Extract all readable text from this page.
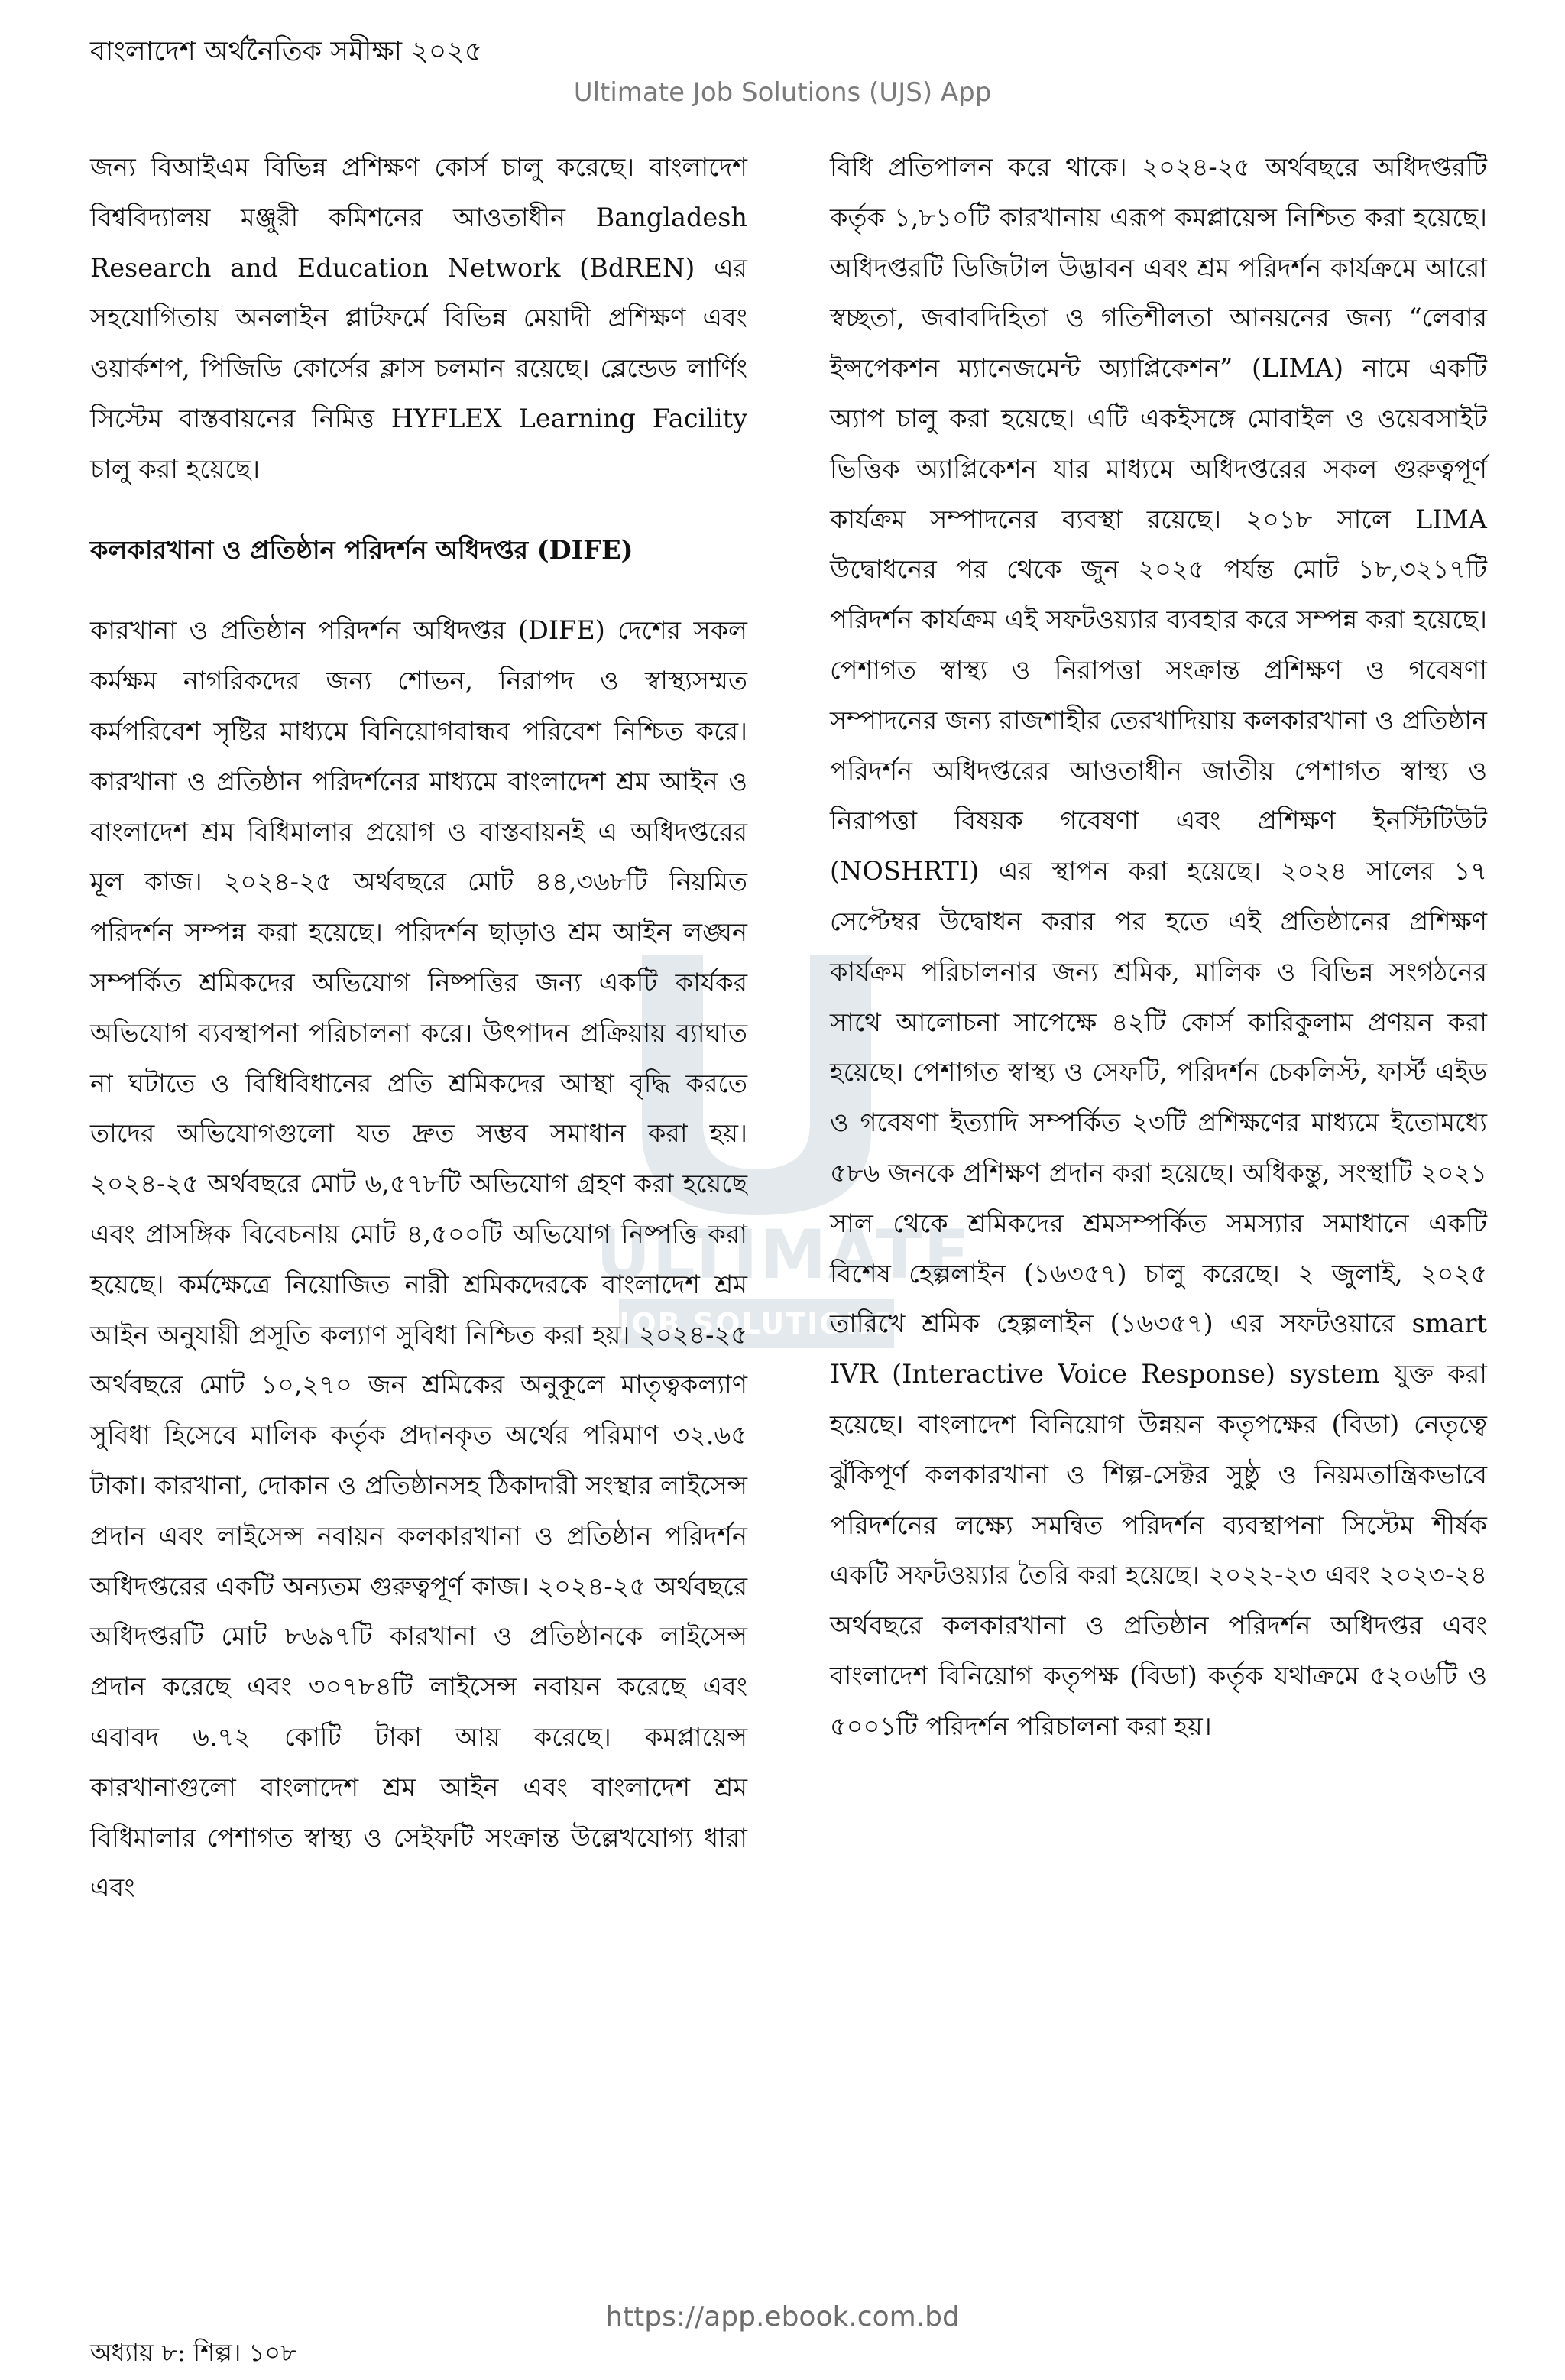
বাংলাদেশ অর্থনৈতিক সমীক্ষা ২০২৫
Ultimate Job Solutions (UJS) App
ULTIMATE
JOB SOLUTIONS

জন্য বিআইএম বিভিন্ন প্রশিক্ষণ কোর্স চালু করেছে। বাংলাদেশ বিশ্ববিদ্যালয় মঞ্জুরী কমিশনের আওতাধীন Bangladesh Research and Education Network (BdREN) এর সহযোগিতায় অনলাইন প্লাটফর্মে বিভিন্ন মেয়াদী প্রশিক্ষণ এবং ওয়ার্কশপ, পিজিডি কোর্সের ক্লাস চলমান রয়েছে। ব্লেন্ডেড লার্ণিং সিস্টেম বাস্তবায়নের নিমিত্ত HYFLEX Learning Facility চালু করা হয়েছে।

কলকারখানা ও প্রতিষ্ঠান পরিদর্শন অধিদপ্তর (DIFE)

কারখানা ও প্রতিষ্ঠান পরিদর্শন অধিদপ্তর (DIFE) দেশের সকল কর্মক্ষম নাগরিকদের জন্য শোভন, নিরাপদ ও স্বাস্থ্যসম্মত কর্মপরিবেশ সৃষ্টির মাধ্যমে বিনিয়োগবান্ধব পরিবেশ নিশ্চিত করে। কারখানা ও প্রতিষ্ঠান পরিদর্শনের মাধ্যমে বাংলাদেশ শ্রম আইন ও বাংলাদেশ শ্রম বিধিমালার প্রয়োগ ও বাস্তবায়নই এ অধিদপ্তরের মূল কাজ। ২০২৪-২৫ অর্থবছরে মোট ৪৪,৩৬৮টি নিয়মিত পরিদর্শন সম্পন্ন করা হয়েছে। পরিদর্শন ছাড়াও শ্রম আইন লঙ্ঘন সম্পর্কিত শ্রমিকদের অভিযোগ নিষ্পত্তির জন্য একটি কার্যকর অভিযোগ ব্যবস্থাপনা পরিচালনা করে। উৎপাদন প্রক্রিয়ায় ব্যাঘাত না ঘটাতে ও বিধিবিধানের প্রতি শ্রমিকদের আস্থা বৃদ্ধি করতে তাদের অভিযোগগুলো যত দ্রুত সম্ভব সমাধান করা হয়। ২০২৪-২৫ অর্থবছরে মোট ৬,৫৭৮টি অভিযোগ গ্রহণ করা হয়েছে এবং প্রাসঙ্গিক বিবেচনায় মোট ৪,৫০০টি অভিযোগ নিষ্পত্তি করা হয়েছে। কর্মক্ষেত্রে নিয়োজিত নারী শ্রমিকদেরকে বাংলাদেশ শ্রম আইন অনুযায়ী প্রসূতি কল্যাণ সুবিধা নিশ্চিত করা হয়। ২০২৪-২৫ অর্থবছরে মোট ১০,২৭০ জন শ্রমিকের অনুকূলে মাতৃত্বকল্যাণ সুবিধা হিসেবে মালিক কর্তৃক প্রদানকৃত অর্থের পরিমাণ ৩২.৬৫ টাকা। কারখানা, দোকান ও প্রতিষ্ঠানসহ ঠিকাদারী সংস্থার লাইসেন্স প্রদান এবং লাইসেন্স নবায়ন কলকারখানা ও প্রতিষ্ঠান পরিদর্শন অধিদপ্তরের একটি অন্যতম গুরুত্বপূর্ণ কাজ। ২০২৪-২৫ অর্থবছরে অধিদপ্তরটি মোট ৮৬৯৭টি কারখানা ও প্রতিষ্ঠানকে লাইসেন্স প্রদান করেছে এবং ৩০৭৮৪টি লাইসেন্স নবায়ন করেছে এবং এবাবদ ৬.৭২ কোটি টাকা আয় করেছে। কমপ্লায়েন্স কারখানাগুলো বাংলাদেশ শ্রম আইন এবং বাংলাদেশ শ্রম বিধিমালার পেশাগত স্বাস্থ্য ও সেইফটি সংক্রান্ত উল্লেখযোগ্য ধারা এবং

বিধি প্রতিপালন করে থাকে। ২০২৪-২৫ অর্থবছরে অধিদপ্তরটি কর্তৃক ১,৮১০টি কারখানায় এরূপ কমপ্লায়েন্স নিশ্চিত করা হয়েছে। অধিদপ্তরটি ডিজিটাল উদ্ভাবন এবং শ্রম পরিদর্শন কার্যক্রমে আরো স্বচ্ছতা, জবাবদিহিতা ও গতিশীলতা আনয়নের জন্য “লেবার ইন্সপেকশন ম্যানেজমেন্ট অ্যাপ্লিকেশন” (LIMA) নামে একটি অ্যাপ চালু করা হয়েছে। এটি একইসঙ্গে মোবাইল ও ওয়েবসাইট ভিত্তিক অ্যাপ্লিকেশন যার মাধ্যমে অধিদপ্তরের সকল গুরুত্বপূর্ণ কার্যক্রম সম্পাদনের ব্যবস্থা রয়েছে। ২০১৮ সালে LIMA উদ্বোধনের পর থেকে জুন ২০২৫ পর্যন্ত মোট ১৮,৩২১৭টি পরিদর্শন কার্যক্রম এই সফটওয়্যার ব্যবহার করে সম্পন্ন করা হয়েছে।পেশাগত স্বাস্থ্য ও নিরাপত্তা সংক্রান্ত প্রশিক্ষণ ও গবেষণা সম্পাদনের জন্য রাজশাহীর তেরখাদিয়ায় কলকারখানা ও প্রতিষ্ঠান পরিদর্শন অধিদপ্তরের আওতাধীন জাতীয় পেশাগত স্বাস্থ্য ও নিরাপত্তা বিষয়ক গবেষণা এবং প্রশিক্ষণ ইনস্টিটিউট (NOSHRTI) এর স্থাপন করা হয়েছে। ২০২৪ সালের ১৭ সেপ্টেম্বর উদ্বোধন করার পর হতে এই প্রতিষ্ঠানের প্রশিক্ষণ কার্যক্রম পরিচালনার জন্য শ্রমিক, মালিক ও বিভিন্ন সংগঠনের সাথে আলোচনা সাপেক্ষে ৪২টি কোর্স কারিকুলাম প্রণয়ন করা হয়েছে। পেশাগত স্বাস্থ্য ও সেফটি, পরিদর্শন চেকলিস্ট, ফার্স্ট এইড ও গবেষণা ইত্যাদি সম্পর্কিত ২৩টি প্রশিক্ষণের মাধ্যমে ইতোমধ্যে ৫৮৬ জনকে প্রশিক্ষণ প্রদান করা হয়েছে। অধিকন্তু, সংস্থাটি ২০২১ সাল থেকে শ্রমিকদের শ্রমসম্পর্কিত সমস্যার সমাধানে একটি বিশেষ হেল্পলাইন (১৬৩৫৭) চালু করেছে। ২ জুলাই, ২০২৫ তারিখে শ্রমিক হেল্পলাইন (১৬৩৫৭) এর সফটওয়ারে smart IVR (Interactive Voice Response) system যুক্ত করা হয়েছে। বাংলাদেশ বিনিয়োগ উন্নয়ন কতৃপক্ষের (বিডা) নেতৃত্বে ঝুঁকিপূর্ণ কলকারখানা ও শিল্প-সেক্টর সুষ্ঠু ও নিয়মতান্ত্রিকভাবে পরিদর্শনের লক্ষ্যে সমন্বিত পরিদর্শন ব্যবস্থাপনা সিস্টেম শীর্ষক একটি সফটওয়্যার তৈরি করা হয়েছে। ২০২২-২৩ এবং ২০২৩-২৪ অর্থবছরে কলকারখানা ও প্রতিষ্ঠান পরিদর্শন অধিদপ্তর এবং বাংলাদেশ বিনিয়োগ কতৃপক্ষ (বিডা) কর্তৃক যথাক্রমে ৫২০৬টি ও ৫০০১টি পরিদর্শন পরিচালনা করা হয়।

https://app.ebook.com.bd
অধ্যায় ৮: শিল্প। ১০৮
